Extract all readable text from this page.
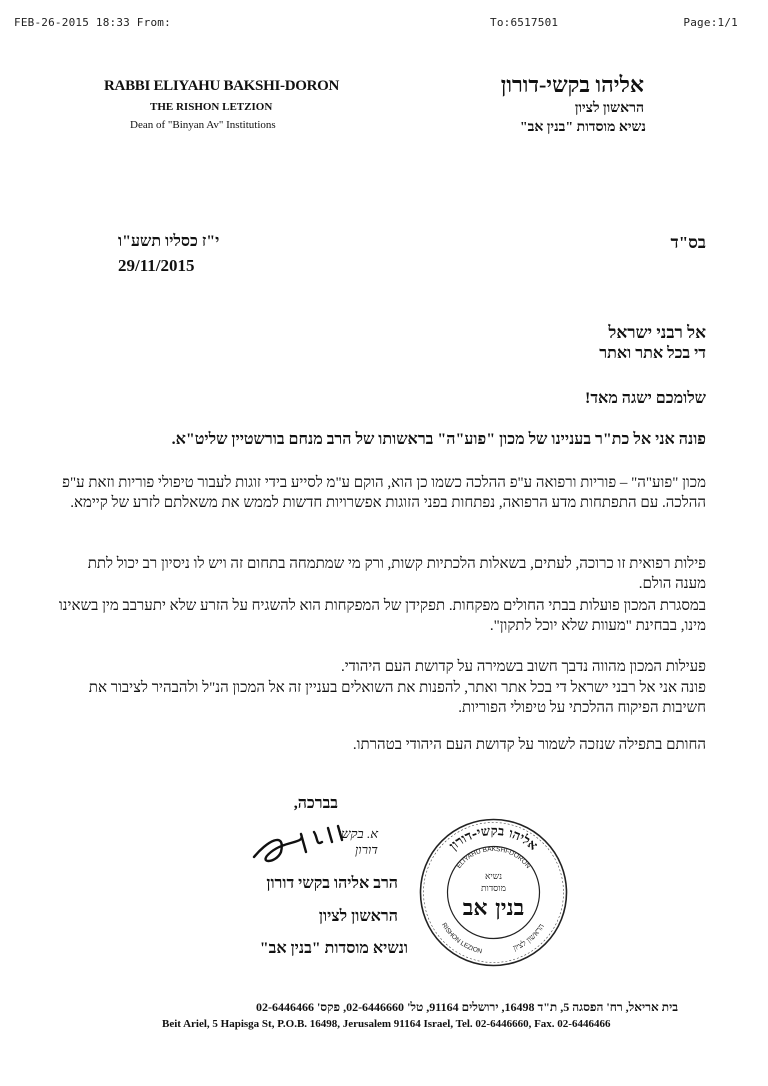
FEB-26-2015 18:33 From:	To:6517501	Page:1/1
RABBI ELIYAHU BAKSHI-DORON
THE RISHON LETZION
Dean of "Binyan Av" Institutions
אליהו בקשי-דורון
הראשון לציון
נשיא מוסדות "בנין אב"
י"ז כסליו תשע"ו
29/11/2015
בס"ד
אל רבני ישראל
די בכל אתר ואתר
שלומכם ישגה מאד!
פונה אני אל כת"ר בעניינו של מכון "פוע"ה" בראשותו של הרב מנחם בורשטיין שליט"א.
מכון "פוע"ה" – פוריות ורפואה ע"פ ההלכה כשמו כן הוא, הוקם ע"מ לסייע בידי זוגות לעבור טיפולי פוריות וזאת ע"פ ההלכה. עם התפתחות מדע הרפואה, נפתחות בפני הזוגות אפשרויות חדשות לממש את משאלתם לזרע של קיימא.
פילות רפואית זו כרוכה, לעתים, בשאלות הלכתיות קשות, ורק מי שמתמחה בתחום זה ויש לו ניסיון רב יכול לתת מענה הולם.
במסגרת המכון פועלות בבתי החולים מפקחות. תפקידן של המפקחות הוא להשגיח על הזרע שלא יתערבב מין בשאינו מינו, בבחינת "מעוות שלא יוכל לתקון".
פעילות המכון מהווה נדבך חשוב בשמירה על קדושת העם היהודי.
פונה אני אל רבני ישראל די בכל אתר ואתר, להפנות את השואלים בעניין זה אל המכון הנ"ל ולהבהיר לציבור את חשיבות הפיקוח ההלכתי על טיפולי הפוריות.
החותם בתפילה שנזכה לשמור על קדושת העם היהודי בטהרתו.
בברכה,
א. בקשי דורון
הרב אליהו בקשי דורון
הראשון לציון
ונשיא מוסדות "בנין אב"
אליהו בקשי-דורון
ELIYAHU BAKSHI-DORON
RISHON LEZION	הראשון לציון
נשיא
מוסדות
בנין אב
בית אריאל, רח' הפסגה 5, ת"ד 16498, ירושלים 91164, טל' 02-6446660, פקס' 02-6446466
Beit Ariel, 5 Hapisga St, P.O.B. 16498, Jerusalem 91164 Israel, Tel. 02-6446660, Fax. 02-6446466
